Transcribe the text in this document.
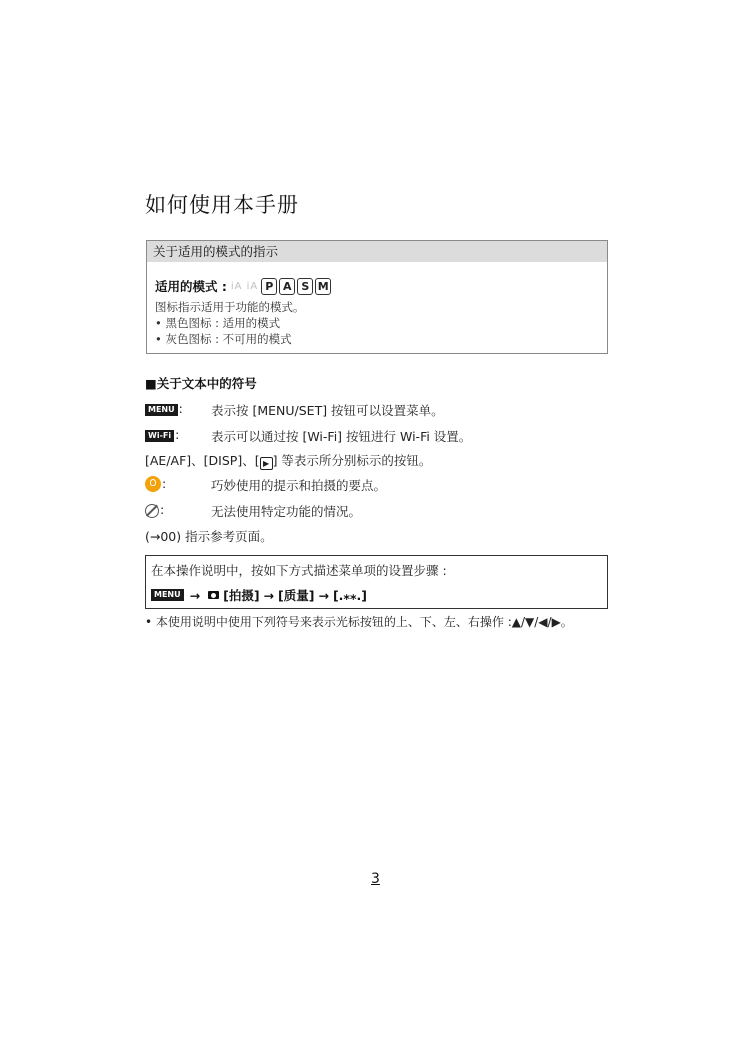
如何使用本手册
关于适用的模式的指示
适用的模式 : iA iA P A S M
图标指示适用于功能的模式。
• 黑色图标 : 适用的模式
• 灰色图标 : 不可用的模式
■关于文本中的符号
MENU : 表示按 [MENU/SET] 按钮可以设置菜单。
Wi-Fi :	表示可以通过按 [Wi-Fi] 按钮进行 Wi-Fi 设置。
[AE/AF]、[DISP]、[ ▶ ] 等表示所分别标示的按钮。
:	巧妙使用的提示和拍摄的要点。
:	无法使用特定功能的情况。
(→00) 指示参考页面。
在本操作说明中，按如下方式描述菜单项的设置步骤 :
MENU → [拍摄] → [质量] → [.⁎⁎.]
• 本使用说明中使用下列符号来表示光标按钮的上、下、左、右操作 :▲/▼/◀/▶。
3
